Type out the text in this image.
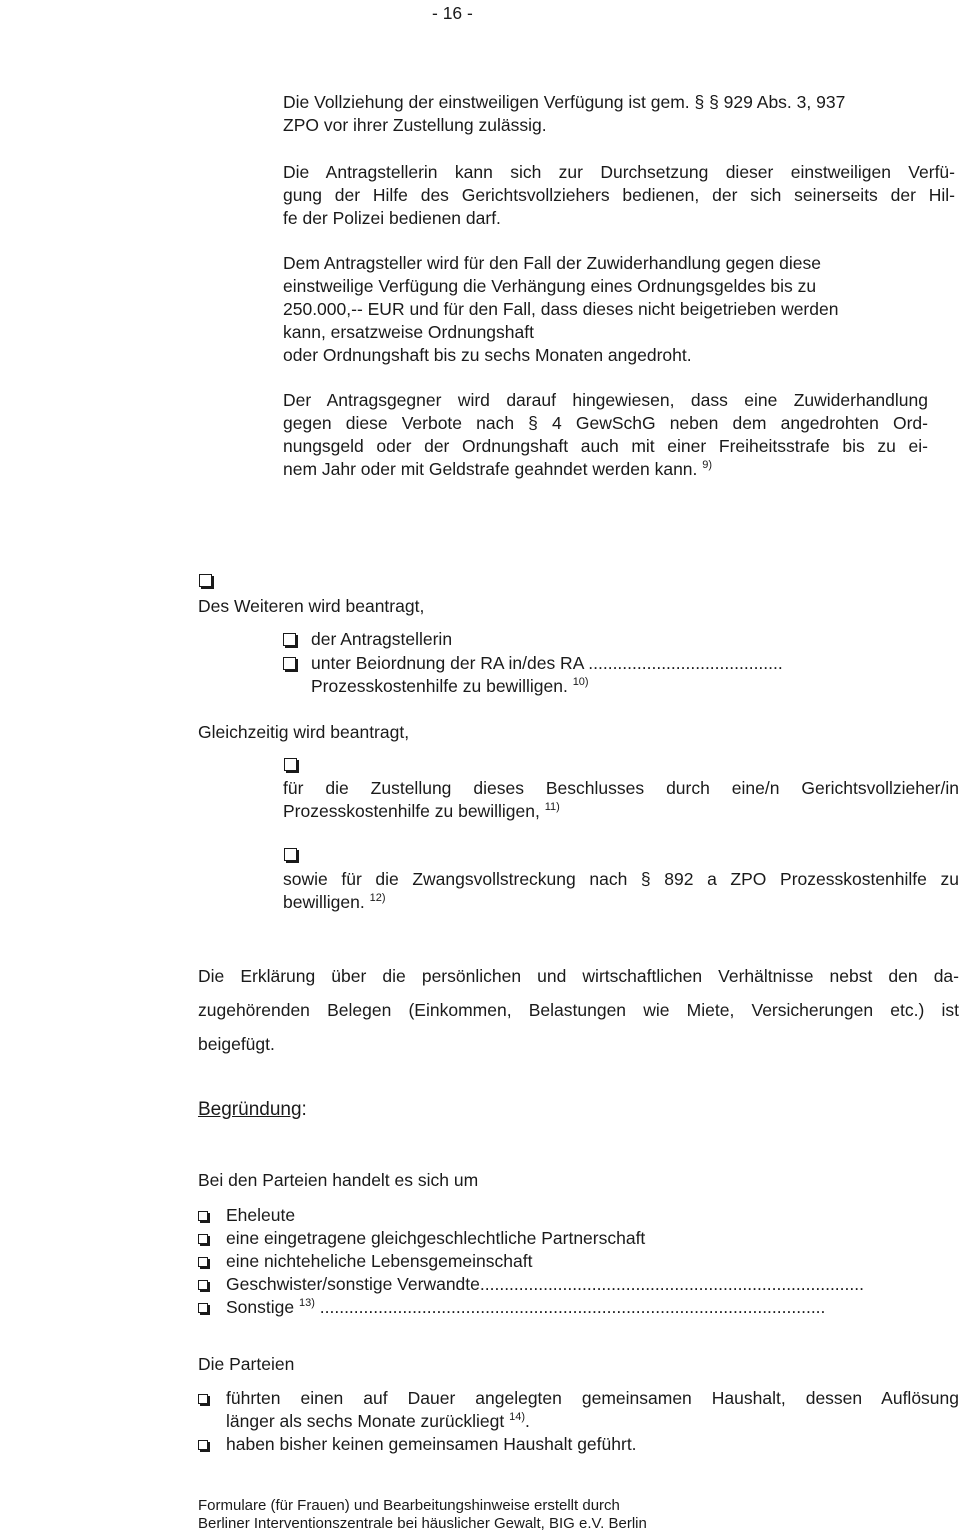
- 16 -
Die Vollziehung der einstweiligen Verfügung ist gem. § § 929 Abs. 3, 937
ZPO vor ihrer Zustellung zulässig.
Die Antragstellerin kann sich zur Durchsetzung dieser einstweiligen Verfü-
gung der Hilfe des Gerichtsvollziehers bedienen, der sich seinerseits der Hil-
fe der Polizei bedienen darf.
Dem Antragsteller wird für den Fall der Zuwiderhandlung gegen diese
einstweilige Verfügung die Verhängung eines Ordnungsgeldes bis zu
250.000,-- EUR und für den Fall, dass dieses nicht beigetrieben werden
kann, ersatzweise Ordnungshaft
oder Ordnungshaft bis zu sechs Monaten angedroht.
Der Antragsgegner wird darauf hingewiesen, dass eine Zuwiderhandlung
gegen diese Verbote nach § 4 GewSchG neben dem angedrohten Ord-
nungsgeld oder der Ordnungshaft auch mit einer Freiheitsstrafe bis zu ei-
nem Jahr oder mit Geldstrafe geahndet werden kann. $^{9)}$
Des Weiteren wird beantragt,
der Antragstellerin
unter Beiordnung der RA in/des RA ........................................
Prozesskostenhilfe zu bewilligen. $^{10)}$
Gleichzeitig wird beantragt,
für die Zustellung dieses Beschlusses durch eine/n Gerichtsvollzieher/in
Prozesskostenhilfe zu bewilligen, $^{11)}$
sowie für die Zwangsvollstreckung nach § 892 a ZPO Prozesskostenhilfe zu
bewilligen. $^{12)}$
Die Erklärung über die persönlichen und wirtschaftlichen Verhältnisse nebst den da-
zugehörenden Belegen (Einkommen, Belastungen wie Miete, Versicherungen etc.) ist
beigefügt.
Begründung:
Bei den Parteien handelt es sich um
Eheleute
eine eingetragene gleichgeschlechtliche Partnerschaft
eine nichteheliche Lebensgemeinschaft
Geschwister/sonstige Verwandte...............................................................................
Sonstige $^{13)}$ ........................................................................................................
Die Parteien
führten einen auf Dauer angelegten gemeinsamen Haushalt, dessen Auflösung
länger als sechs Monate zurückliegt $^{14)}$.
haben bisher keinen gemeinsamen Haushalt geführt.
Formulare (für Frauen) und Bearbeitungshinweise erstellt durch
Berliner Interventionszentrale bei häuslicher Gewalt, BIG e.V. Berlin
